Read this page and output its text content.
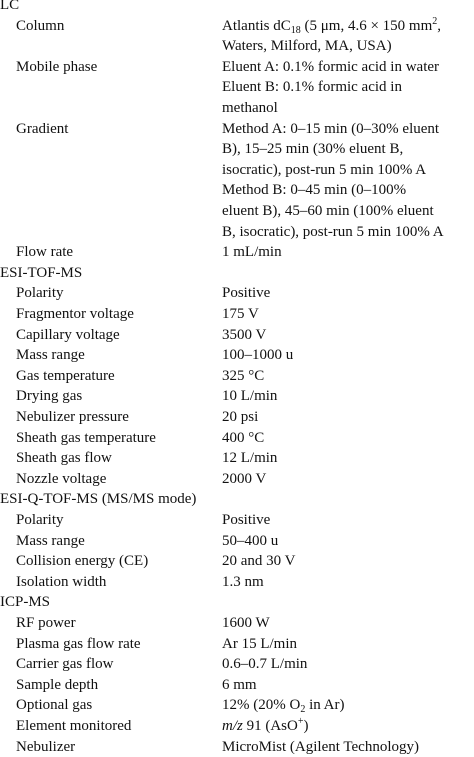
LC
Column	Atlantis $dC_{18}$ (5 μm, 4.6 × 150 $mm^2$,
Waters, Milford, MA, USA)
Mobile phase	Eluent A: 0.1% formic acid in water
Eluent B: 0.1% formic acid in
methanol
Gradient	Method A: 0–15 min (0–30% eluent
B), 15–25 min (30% eluent B,
isocratic), post-run 5 min 100% A
Method B: 0–45 min (0–100%
eluent B), 45–60 min (100% eluent
B, isocratic), post-run 5 min 100% A
Flow rate	1 mL/min
ESI-TOF-MS
Polarity	Positive
Fragmentor voltage	175 V
Capillary voltage	3500 V
Mass range	100–1000 u
Gas temperature	325 °C
Drying gas	10 L/min
Nebulizer pressure	20 psi
Sheath gas temperature	400 °C
Sheath gas flow	12 L/min
Nozzle voltage	2000 V
ESI-Q-TOF-MS (MS/MS mode)
Polarity	Positive
Mass range	50–400 u
Collision energy (CE)	20 and 30 V
Isolation width	1.3 nm
ICP-MS
RF power	1600 W
Plasma gas flow rate	Ar 15 L/min
Carrier gas flow	0.6–0.7 L/min
Sample depth	6 mm
Optional gas	12% (20% $O_2$ in Ar)
Element monitored	m/z 91 (AsO+)
Nebulizer	MicroMist (Agilent Technology)
